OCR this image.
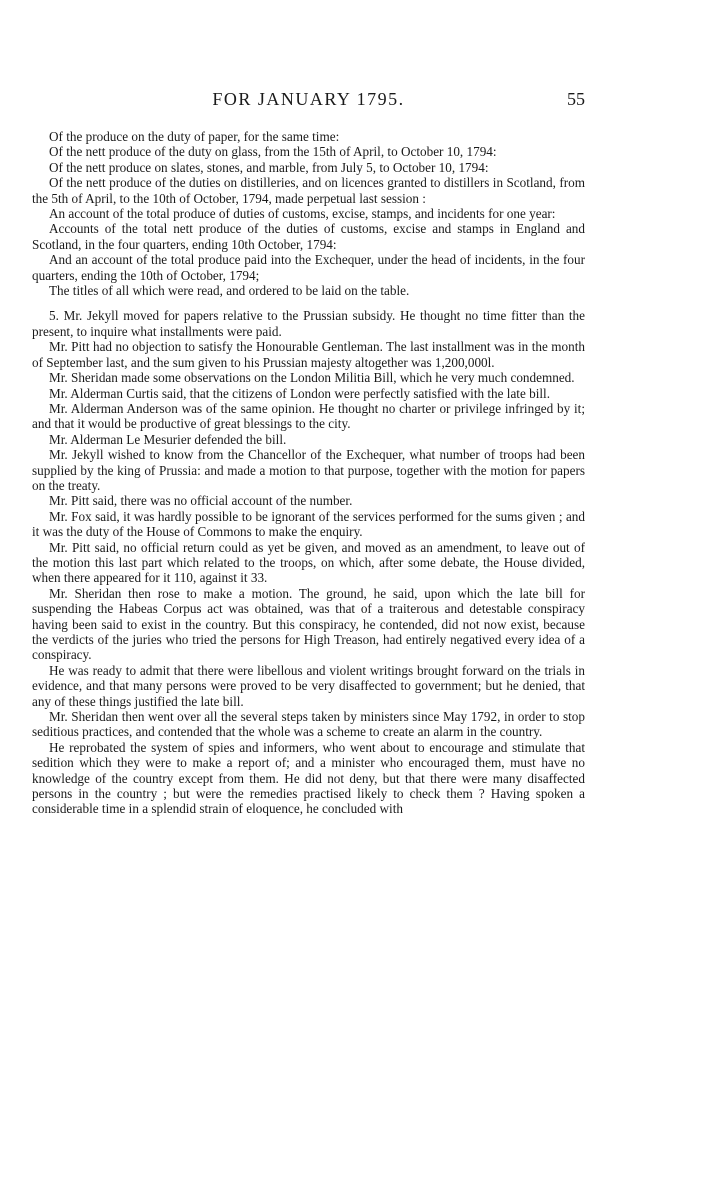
FOR JANUARY 1795.	55

Of the produce on the duty of paper, for the same time:

Of the nett produce of the duty on glass, from the 15th of April, to October 10, 1794:

Of the nett produce on slates, stones, and marble, from July 5, to October 10, 1794:

Of the nett produce of the duties on distilleries, and on licences granted to distillers in Scotland, from the 5th of April, to the 10th of October, 1794, made perpetual last session :

An account of the total produce of duties of customs, excise, stamps, and incidents for one year:

Accounts of the total nett produce of the duties of customs, excise and stamps in England and Scotland, in the four quarters, ending 10th October, 1794:

And an account of the total produce paid into the Exchequer, under the head of incidents, in the four quarters, ending the 10th of October, 1794;

The titles of all which were read, and ordered to be laid on the table.

5. Mr. Jekyll moved for papers relative to the Prussian subsidy. He thought no time fitter than the present, to inquire what installments were paid.

Mr. Pitt had no objection to satisfy the Honourable Gentleman. The last installment was in the month of September last, and the sum given to his Prussian majesty altogether was 1,200,000l.

Mr. Sheridan made some observations on the London Militia Bill, which he very much condemned.

Mr. Alderman Curtis said, that the citizens of London were perfectly satisfied with the late bill.

Mr. Alderman Anderson was of the same opinion. He thought no charter or privilege infringed by it; and that it would be productive of great blessings to the city.

Mr. Alderman Le Mesurier defended the bill.

Mr. Jekyll wished to know from the Chancellor of the Exchequer, what number of troops had been supplied by the king of Prussia: and made a motion to that purpose, together with the motion for papers on the treaty.

Mr. Pitt said, there was no official account of the number.

Mr. Fox said, it was hardly possible to be ignorant of the services performed for the sums given ; and it was the duty of the House of Commons to make the enquiry.

Mr. Pitt said, no official return could as yet be given, and moved as an amendment, to leave out of the motion this last part which related to the troops, on which, after some debate, the House divided, when there appeared for it 110, against it 33.

Mr. Sheridan then rose to make a motion. The ground, he said, upon which the late bill for suspending the Habeas Corpus act was obtained, was that of a traiterous and detestable conspiracy having been said to exist in the country. But this conspiracy, he contended, did not now exist, because the verdicts of the juries who tried the persons for High Treason, had entirely negatived every idea of a conspiracy.

He was ready to admit that there were libellous and violent writings brought forward on the trials in evidence, and that many persons were proved to be very disaffected to government; but he denied, that any of these things justified the late bill.

Mr. Sheridan then went over all the several steps taken by ministers since May 1792, in order to stop seditious practices, and contended that the whole was a scheme to create an alarm in the country.

He reprobated the system of spies and informers, who went about to encourage and stimulate that sedition which they were to make a report of; and a minister who encouraged them, must have no knowledge of the country except from them. He did not deny, but that there were many disaffected persons in the country ; but were the remedies practised likely to check them ? Having spoken a considerable time in a splendid strain of eloquence, he concluded with
